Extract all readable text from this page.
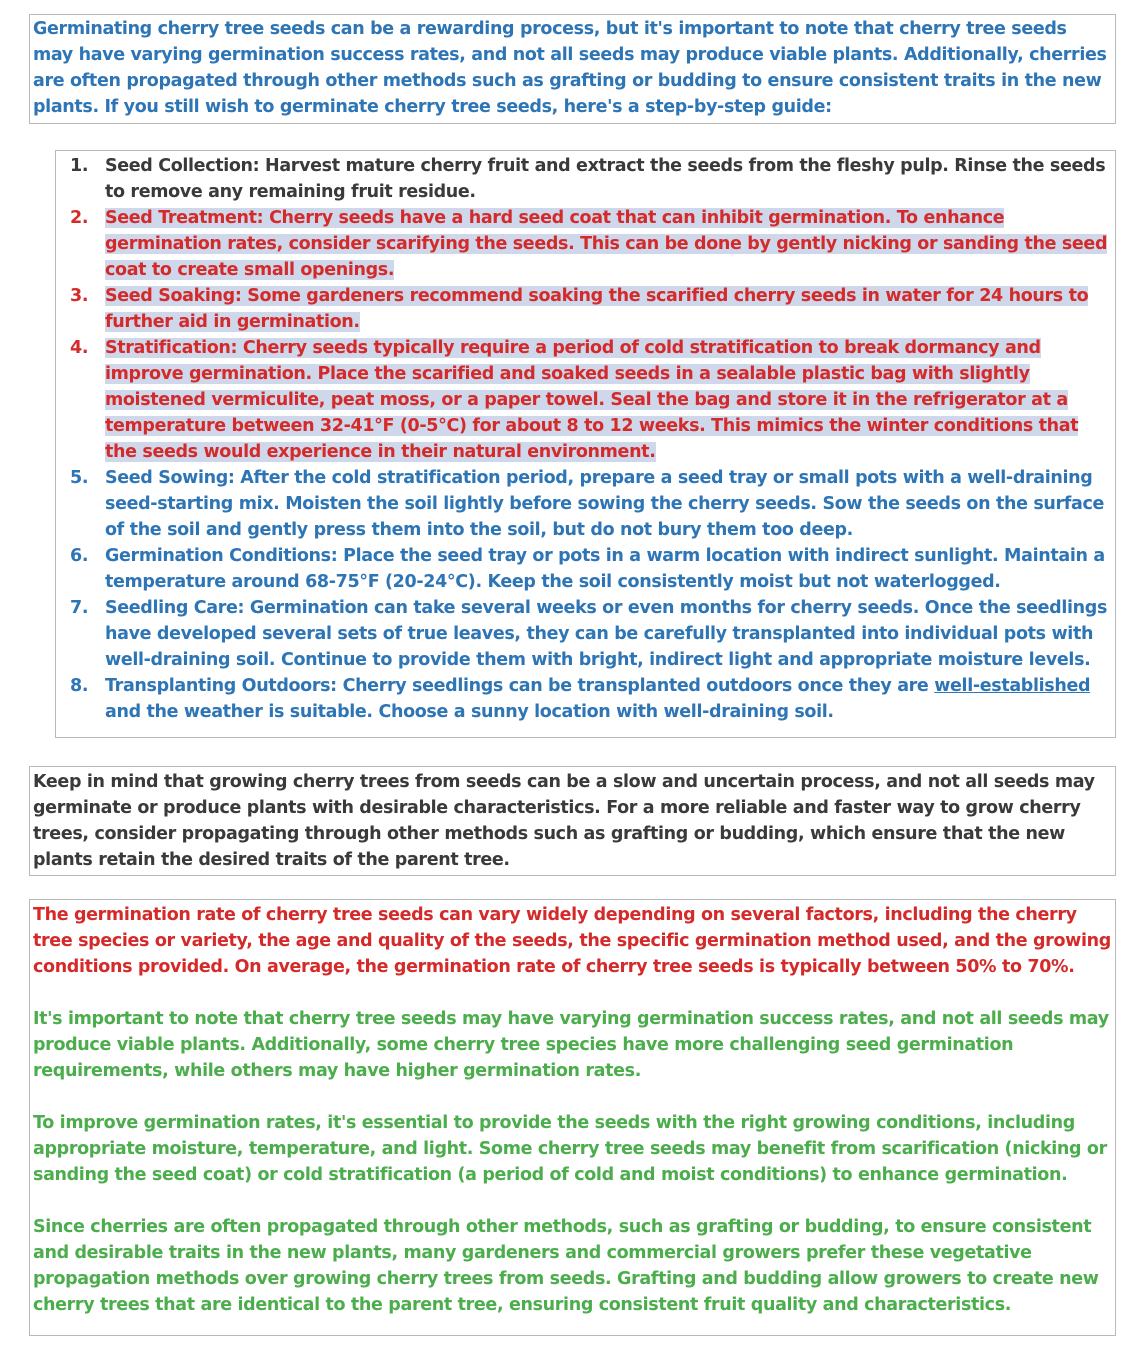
Germinating cherry tree seeds can be a rewarding process, but it's important to note that cherry tree seeds may have varying germination success rates, and not all seeds may produce viable plants. Additionally, cherries are often propagated through other methods such as grafting or budding to ensure consistent traits in the new plants. If you still wish to germinate cherry tree seeds, here's a step-by-step guide:

1. Seed Collection: Harvest mature cherry fruit and extract the seeds from the fleshy pulp. Rinse the seeds to remove any remaining fruit residue.
2. Seed Treatment: Cherry seeds have a hard seed coat that can inhibit germination. To enhance germination rates, consider scarifying the seeds. This can be done by gently nicking or sanding the seed coat to create small openings.
3. Seed Soaking: Some gardeners recommend soaking the scarified cherry seeds in water for 24 hours to further aid in germination.
4. Stratification: Cherry seeds typically require a period of cold stratification to break dormancy and improve germination. Place the scarified and soaked seeds in a sealable plastic bag with slightly moistened vermiculite, peat moss, or a paper towel. Seal the bag and store it in the refrigerator at a temperature between 32-41°F (0-5°C) for about 8 to 12 weeks. This mimics the winter conditions that the seeds would experience in their natural environment.
5. Seed Sowing: After the cold stratification period, prepare a seed tray or small pots with a well-draining seed-starting mix. Moisten the soil lightly before sowing the cherry seeds. Sow the seeds on the surface of the soil and gently press them into the soil, but do not bury them too deep.
6. Germination Conditions: Place the seed tray or pots in a warm location with indirect sunlight. Maintain a temperature around 68-75°F (20-24°C). Keep the soil consistently moist but not waterlogged.
7. Seedling Care: Germination can take several weeks or even months for cherry seeds. Once the seedlings have developed several sets of true leaves, they can be carefully transplanted into individual pots with well-draining soil. Continue to provide them with bright, indirect light and appropriate moisture levels.
8. Transplanting Outdoors: Cherry seedlings can be transplanted outdoors once they are well-established and the weather is suitable. Choose a sunny location with well-draining soil.

Keep in mind that growing cherry trees from seeds can be a slow and uncertain process, and not all seeds may germinate or produce plants with desirable characteristics. For a more reliable and faster way to grow cherry trees, consider propagating through other methods such as grafting or budding, which ensure that the new plants retain the desired traits of the parent tree.

The germination rate of cherry tree seeds can vary widely depending on several factors, including the cherry tree species or variety, the age and quality of the seeds, the specific germination method used, and the growing conditions provided. On average, the germination rate of cherry tree seeds is typically between 50% to 70%.

It's important to note that cherry tree seeds may have varying germination success rates, and not all seeds may produce viable plants. Additionally, some cherry tree species have more challenging seed germination requirements, while others may have higher germination rates.

To improve germination rates, it's essential to provide the seeds with the right growing conditions, including appropriate moisture, temperature, and light. Some cherry tree seeds may benefit from scarification (nicking or sanding the seed coat) or cold stratification (a period of cold and moist conditions) to enhance germination.

Since cherries are often propagated through other methods, such as grafting or budding, to ensure consistent and desirable traits in the new plants, many gardeners and commercial growers prefer these vegetative propagation methods over growing cherry trees from seeds. Grafting and budding allow growers to create new cherry trees that are identical to the parent tree, ensuring consistent fruit quality and characteristics.
